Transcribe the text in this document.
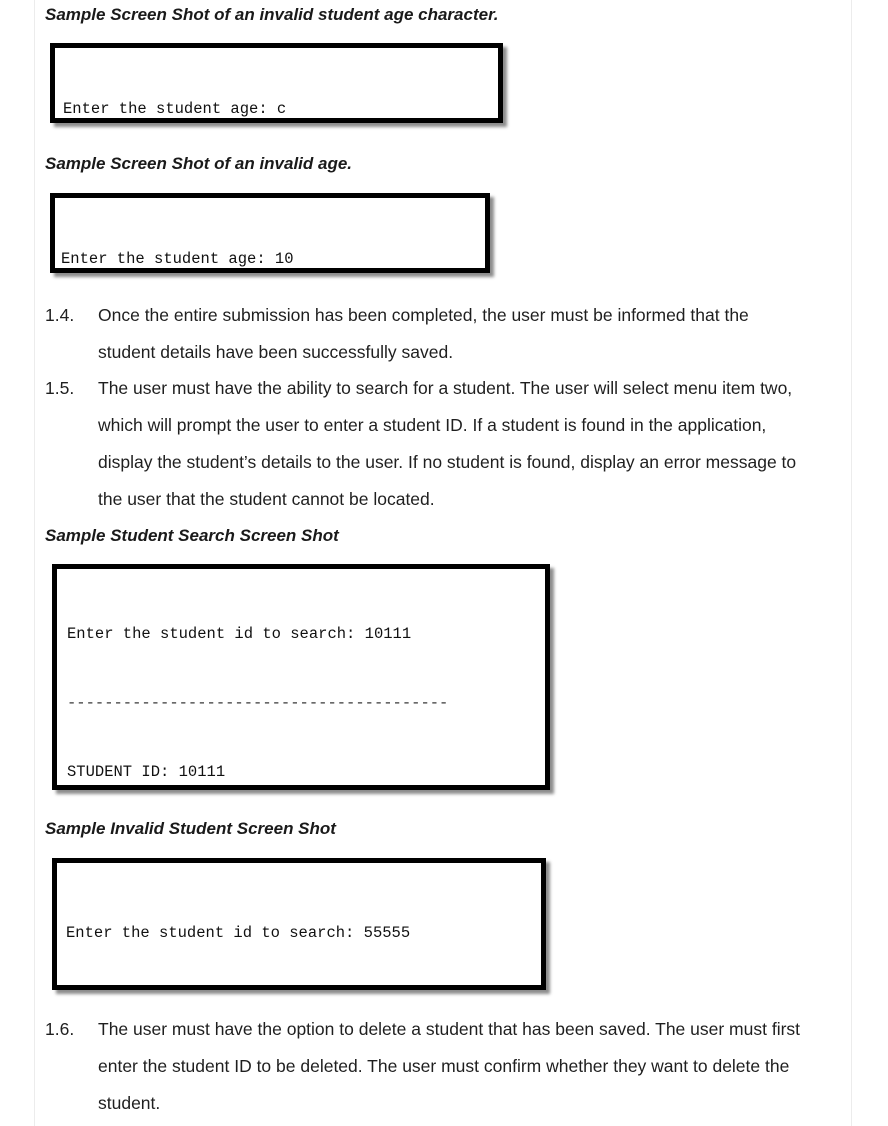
Sample Screen Shot of an invalid student age character.

Enter the student age: c

Sample Screen Shot of an invalid age.

Enter the student age: 10

1.4. Once the entire submission has been completed, the user must be informed that the
student details have been successfully saved.
1.5. The user must have the ability to search for a student. The user will select menu item two,
which will prompt the user to enter a student ID. If a student is found in the application,
display the student’s details to the user. If no student is found, display an error message to
the user that the student cannot be located.
Sample Student Search Screen Shot

Enter the student id to search: 10111

-----------------------------------------

STUDENT ID: 10111

Sample Invalid Student Screen Shot

Enter the student id to search: 55555

1.6. The user must have the option to delete a student that has been saved. The user must first
enter the student ID to be deleted. The user must confirm whether they want to delete the
student.
